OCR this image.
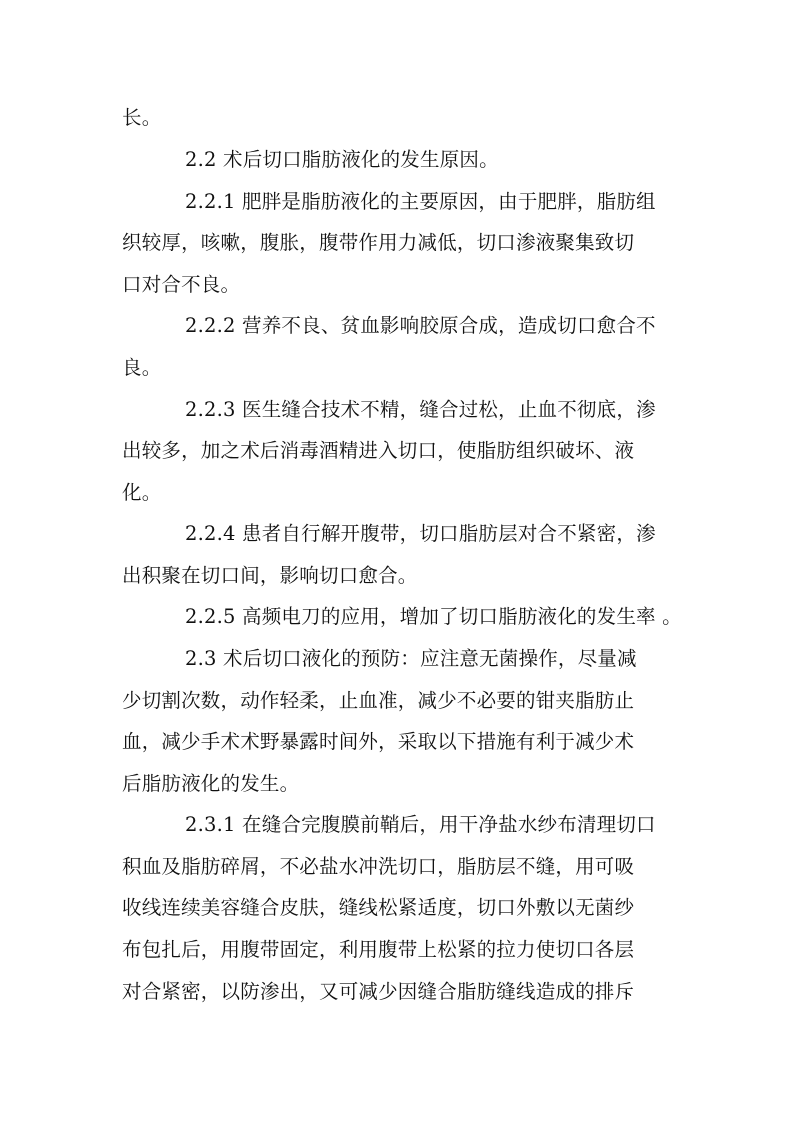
长。
2.2 术后切口脂肪液化的发生原因。
2.2.1 肥胖是脂肪液化的主要原因，由于肥胖，脂肪组
织较厚，咳嗽，腹胀，腹带作用力减低，切口渗液聚集致切
口对合不良。
2.2.2 营养不良、贫血影响胶原合成，造成切口愈合不
良。
2.2.3 医生缝合技术不精，缝合过松，止血不彻底，渗
出较多，加之术后消毒酒精进入切口，使脂肪组织破坏、液
化。
2.2.4 患者自行解开腹带，切口脂肪层对合不紧密，渗
出积聚在切口间，影响切口愈合。
2.2.5 高频电刀的应用，增加了切口脂肪液化的发生率 。
2.3 术后切口液化的预防：应注意无菌操作，尽量减
少切割次数，动作轻柔，止血准，减少不必要的钳夹脂肪止
血，减少手术术野暴露时间外，采取以下措施有利于减少术
后脂肪液化的发生。
2.3.1 在缝合完腹膜前鞘后，用干净盐水纱布清理切口
积血及脂肪碎屑，不必盐水冲洗切口，脂肪层不缝，用可吸
收线连续美容缝合皮肤，缝线松紧适度，切口外敷以无菌纱
布包扎后，用腹带固定，利用腹带上松紧的拉力使切口各层
对合紧密，以防渗出，又可减少因缝合脂肪缝线造成的排斥
